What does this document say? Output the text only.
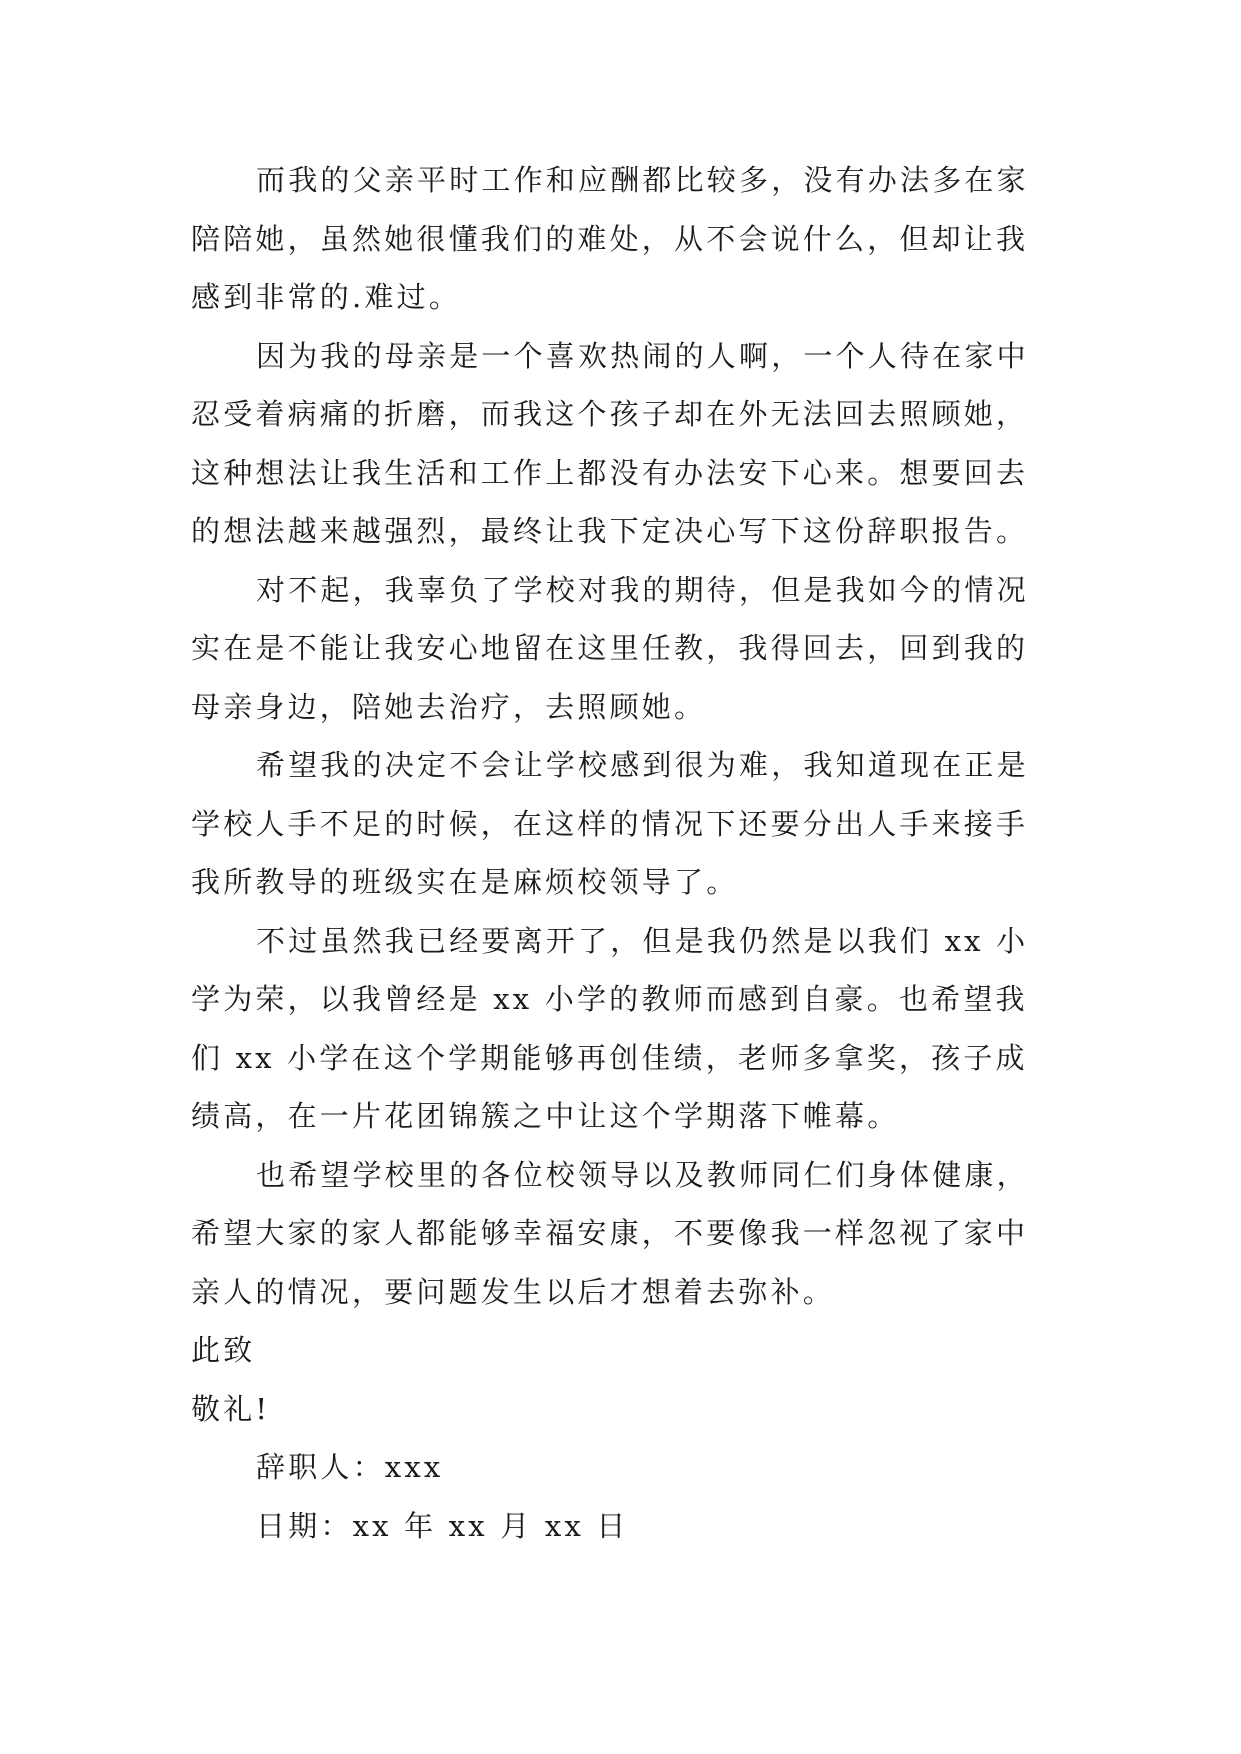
而我的父亲平时工作和应酬都比较多，没有办法多在家
陪陪她，虽然她很懂我们的难处，从不会说什么，但却让我
感到非常的.难过。
因为我的母亲是一个喜欢热闹的人啊，一个人待在家中
忍受着病痛的折磨，而我这个孩子却在外无法回去照顾她，
这种想法让我生活和工作上都没有办法安下心来。想要回去
的想法越来越强烈，最终让我下定决心写下这份辞职报告。
对不起，我辜负了学校对我的期待，但是我如今的情况
实在是不能让我安心地留在这里任教，我得回去，回到我的
母亲身边，陪她去治疗，去照顾她。
希望我的决定不会让学校感到很为难，我知道现在正是
学校人手不足的时候，在这样的情况下还要分出人手来接手
我所教导的班级实在是麻烦校领导了。
不过虽然我已经要离开了，但是我仍然是以我们 xx 小
学为荣，以我曾经是 xx 小学的教师而感到自豪。也希望我
们 xx 小学在这个学期能够再创佳绩，老师多拿奖，孩子成
绩高，在一片花团锦簇之中让这个学期落下帷幕。
也希望学校里的各位校领导以及教师同仁们身体健康，
希望大家的家人都能够幸福安康，不要像我一样忽视了家中
亲人的情况，要问题发生以后才想着去弥补。
此致
敬礼!
辞职人：xxx
日期：xx 年 xx 月 xx 日
